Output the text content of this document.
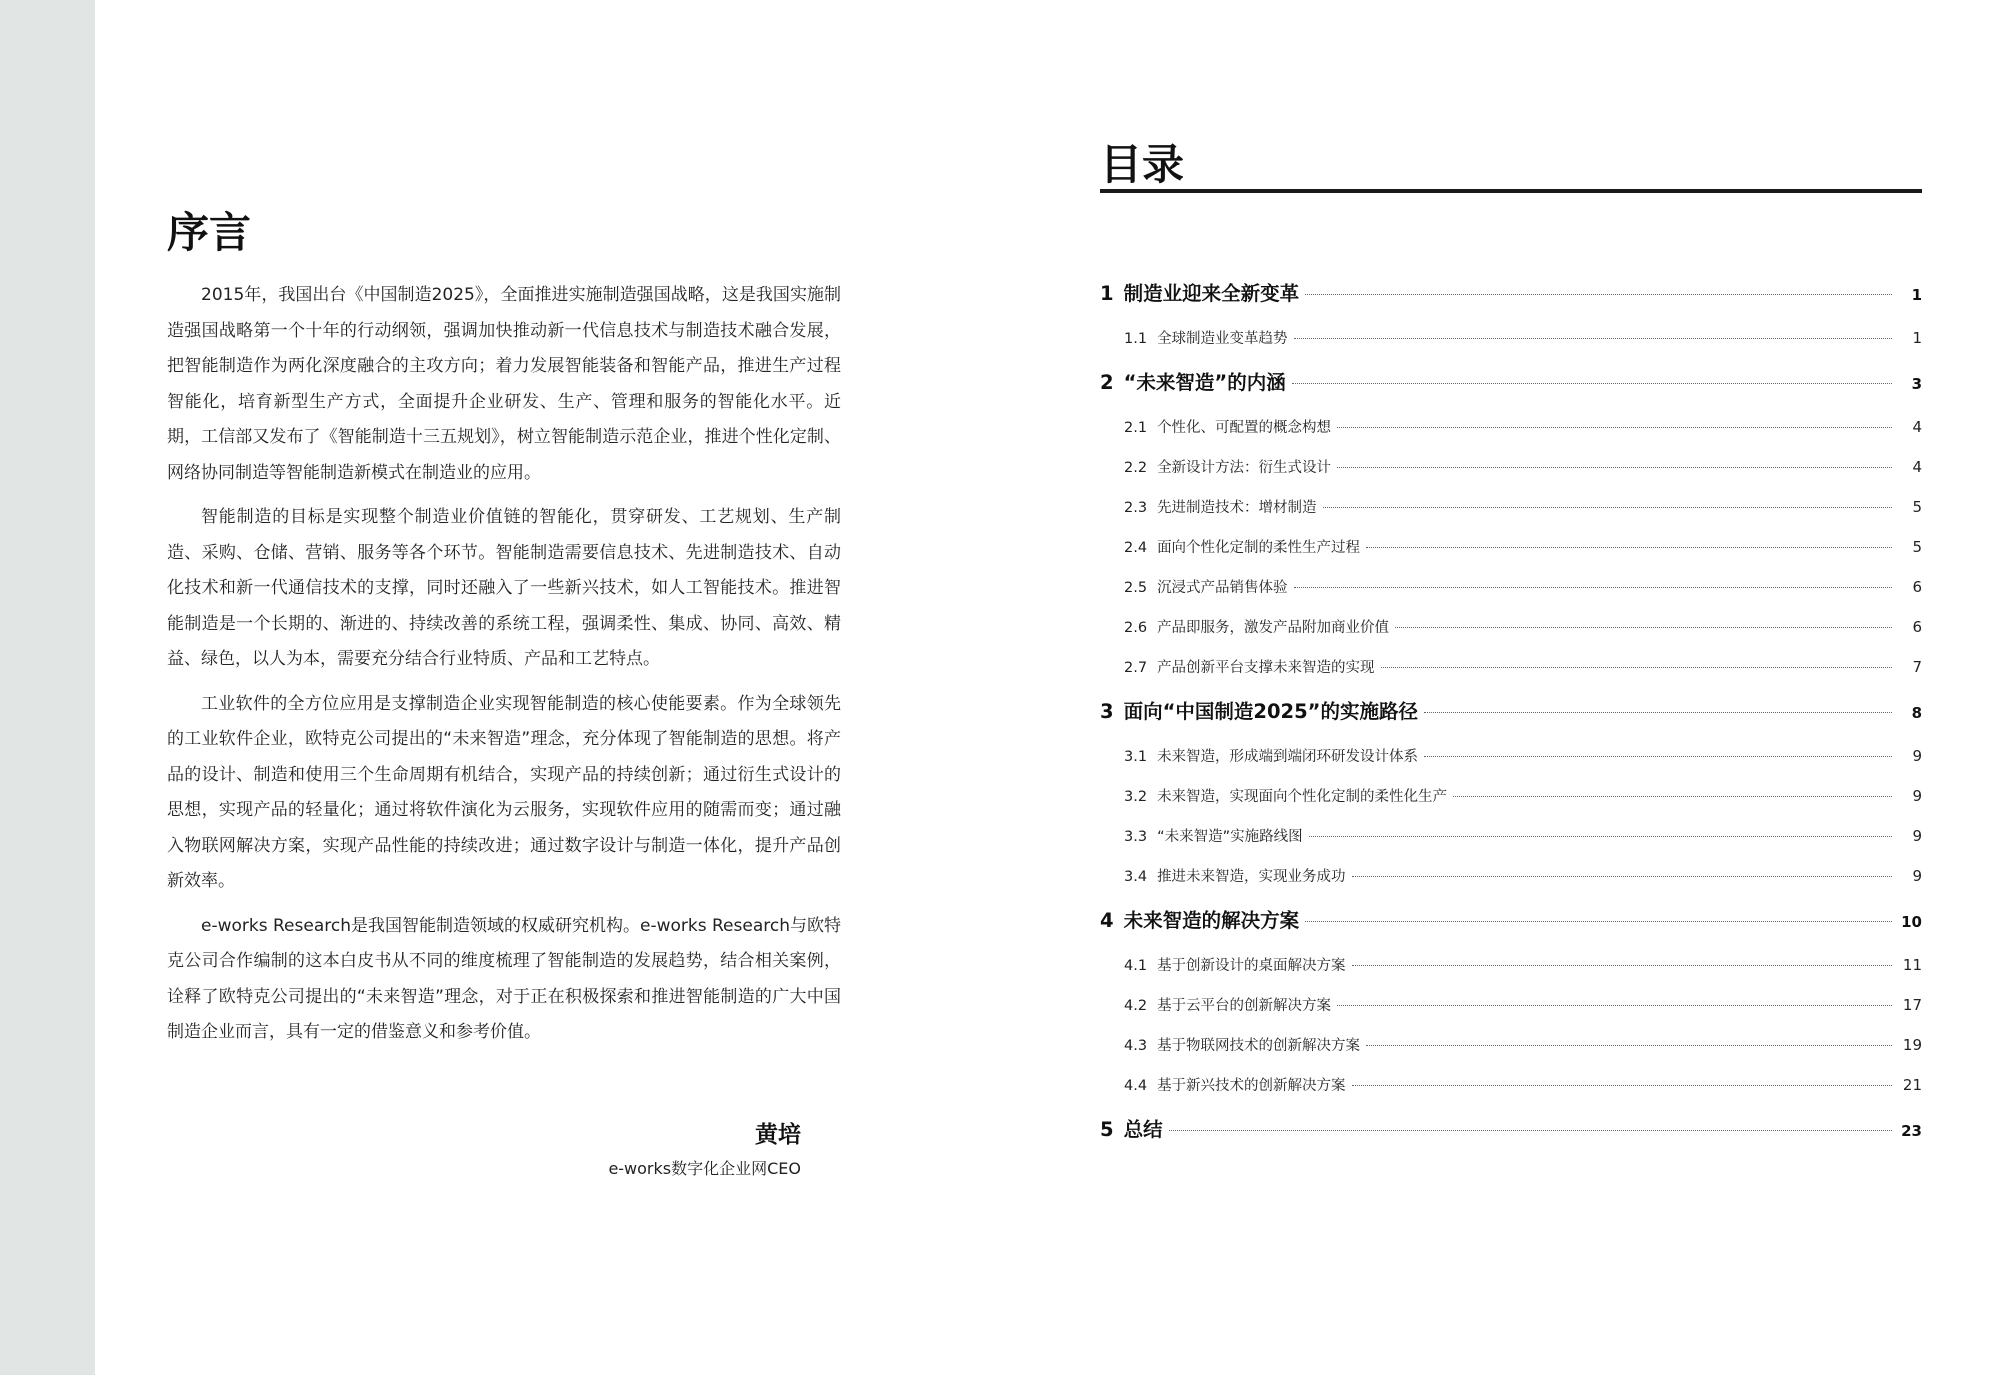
序言

2015年，我国出台《中国制造2025》，全面推进实施制造强国战略，这是我国实施制造强国战略第一个十年的行动纲领，强调加快推动新一代信息技术与制造技术融合发展，把智能制造作为两化深度融合的主攻方向；着力发展智能装备和智能产品，推进生产过程智能化，培育新型生产方式，全面提升企业研发、生产、管理和服务的智能化水平。近期，工信部又发布了《智能制造十三五规划》，树立智能制造示范企业，推进个性化定制、网络协同制造等智能制造新模式在制造业的应用。

智能制造的目标是实现整个制造业价值链的智能化，贯穿研发、工艺规划、生产制造、采购、仓储、营销、服务等各个环节。智能制造需要信息技术、先进制造技术、自动化技术和新一代通信技术的支撑，同时还融入了一些新兴技术，如人工智能技术。推进智能制造是一个长期的、渐进的、持续改善的系统工程，强调柔性、集成、协同、高效、精益、绿色，以人为本，需要充分结合行业特质、产品和工艺特点。

工业软件的全方位应用是支撑制造企业实现智能制造的核心使能要素。作为全球领先的工业软件企业，欧特克公司提出的“未来智造”理念，充分体现了智能制造的思想。将产品的设计、制造和使用三个生命周期有机结合，实现产品的持续创新；通过衍生式设计的思想，实现产品的轻量化；通过将软件演化为云服务，实现软件应用的随需而变；通过融入物联网解决方案，实现产品性能的持续改进；通过数字设计与制造一体化，提升产品创新效率。

e-works Research是我国智能制造领域的权威研究机构。e-works Research与欧特克公司合作编制的这本白皮书从不同的维度梳理了智能制造的发展趋势，结合相关案例，诠释了欧特克公司提出的“未来智造”理念，对于正在积极探索和推进智能制造的广大中国制造企业而言，具有一定的借鉴意义和参考价值。

黄培
e-works数字化企业网CEO
目录
1 制造业迎来全新变革	1
1.1 全球制造业变革趋势	1
2 “未来智造”的内涵	3
2.1 个性化、可配置的概念构想	4
2.2 全新设计方法：衍生式设计	4
2.3 先进制造技术：增材制造	5
2.4 面向个性化定制的柔性生产过程	5
2.5 沉浸式产品销售体验	6
2.6 产品即服务，激发产品附加商业价值	6
2.7 产品创新平台支撑未来智造的实现	7
3 面向“中国制造2025”的实施路径	8
3.1 未来智造，形成端到端闭环研发设计体系	9
3.2 未来智造，实现面向个性化定制的柔性化生产	9
3.3 “未来智造”实施路线图	9
3.4 推进未来智造，实现业务成功	9
4 未来智造的解决方案	10
4.1 基于创新设计的桌面解决方案	11
4.2 基于云平台的创新解决方案	17
4.3 基于物联网技术的创新解决方案	19
4.4 基于新兴技术的创新解决方案	21
5 总结	23
